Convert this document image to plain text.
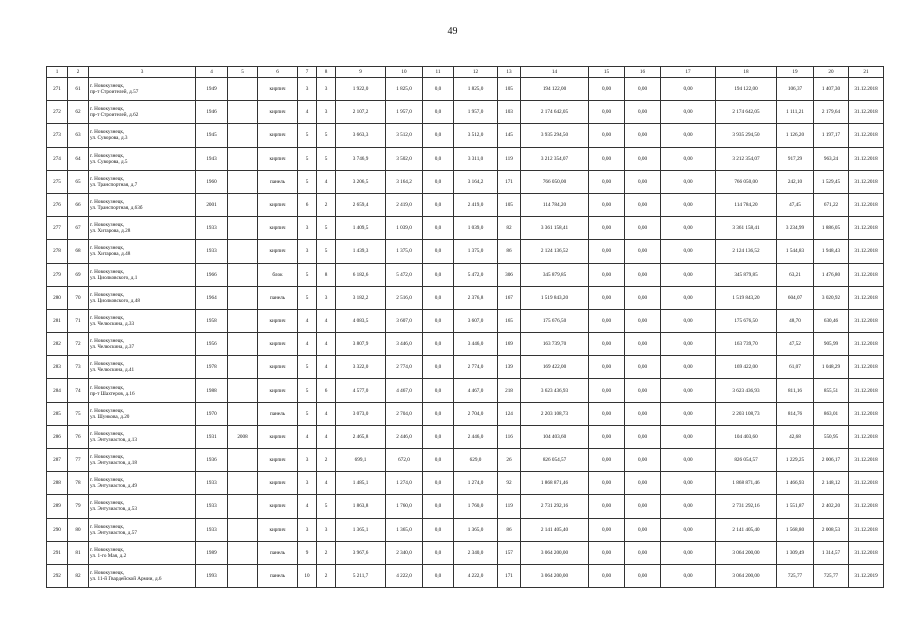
49
1	2	3	4	5	6	7	8	9	10	11	12	13	14	15	16	17	18	19	20	21
271	61	г. Новокузнецк,
пр-т Строителей, д.57	1949		кирпич	3	3	1 922,0	1 825,0	0,0	1 825,0	105	194 122,00	0,00	0,00	0,00	194 122,00	106,37	1 407,30	31.12.2018
272	62	г. Новокузнецк,
пр-т Строителей, д.62	1946		кирпич	4	3	2 107,2	1 957,0	0,0	1 957,0	103	2 174 642,05	0,00	0,00	0,00	2 174 642,05	1 111,21	2 179,64	31.12.2018
273	63	г. Новокузнецк,
ул. Суворова, д.3	1945		кирпич	5	5	3 663,3	3 512,0	0,0	3 512,0	145	3 935 294,50	0,00	0,00	0,00	3 935 294,50	1 126,20	1 197,17	31.12.2018
274	64	г. Новокузнецк,
ул. Суворова, д.5	1943		кирпич	5	5	3 746,9	3 502,0	0,0	3 311,0	119	3 212 354,07	0,00	0,00	0,00	3 212 354,07	917,29	963,24	31.12.2018
275	65	г. Новокузнецк,
ул. Транспортная, д.7	1960		панель	5	4	3 206,5	3 164,2	0,0	3 164,2	171	766 050,00	0,00	0,00	0,00	766 050,00	242,10	1 529,45	31.12.2018
276	66	г. Новокузнецк,
ул. Транспортная, д.63б	2001		кирпич	6	2	2 659,4	2 419,0	0,0	2 419,0	105	114 784,20	0,00	0,00	0,00	114 784,20	47,45	671,22	31.12.2018
277	67	г. Новокузнецк,
ул. Хитарова, д.28	1933		кирпич	3	5	1 409,5	1 039,0	0,0	1 039,0	82	3 361 158,41	0,00	0,00	0,00	3 361 158,41	3 234,99	1 886,05	31.12.2018
278	68	г. Новокузнецк,
ул. Хитарова, д.48	1933		кирпич	3	5	1 439,3	1 375,0	0,0	1 375,0	86	2 124 136,52	0,00	0,00	0,00	2 124 136,52	1 544,83	1 948,43	31.12.2018
279	69	г. Новокузнецк,
ул. Циолковского, д.1	1966		блок	5	8	6 182,6	5 472,0	0,0	5 472,0	306	345 879,85	0,00	0,00	0,00	345 879,85	63,21	1 476,80	31.12.2018
280	70	г. Новокузнецк,
ул. Циолковского, д.48	1964		панель	5	3	3 182,2	2 516,0	0,0	2 376,8	167	1 519 843,20	0,00	0,00	0,00	1 519 843,20	604,07	3 020,92	31.12.2018
281	71	г. Новокузнецк,
ул. Челюскина, д.33	1958		кирпич	4	4	4 083,5	3 607,0	0,0	3 607,0	165	175 676,50	0,00	0,00	0,00	175 676,50	48,70	630,46	31.12.2018
282	72	г. Новокузнецк,
ул. Челюскина, д.37	1956		кирпич	4	4	3 807,9	3 446,0	0,0	3 446,0	169	163 739,70	0,00	0,00	0,00	163 739,70	47,52	905,99	31.12.2018
283	73	г. Новокузнецк,
ул. Челюскина, д.41	1978		кирпич	5	4	3 322,0	2 774,0	0,0	2 774,0	139	169 422,00	0,00	0,00	0,00	169 422,00	61,07	1 048,29	31.12.2018
284	74	г. Новокузнецк,
пр-т Шахтеров, д.16	1988		кирпич	5	6	4 577,0	4 467,0	0,0	4 467,0	218	3 623 436,93	0,00	0,00	0,00	3 623 436,93	811,16	855,51	31.12.2018
285	75	г. Новокузнецк,
ул. Шункова, д.20	1970		панель	5	4	3 073,0	2 704,0	0,0	2 704,0	124	2 203 108,73	0,00	0,00	0,00	2 203 108,73	814,76	863,01	31.12.2018
286	76	г. Новокузнецк,
ул. Энтузиастов, д.13	1931	2008	кирпич	4	4	2 465,8	2 446,0	0,0	2 446,0	116	104 403,60	0,00	0,00	0,00	104 403,60	42,68	550,95	31.12.2018
287	77	г. Новокузнецк,
ул. Энтузиастов, д.18	1936		кирпич	3	2	699,1	672,0	0,0	629,0	26	826 054,57	0,00	0,00	0,00	826 054,57	1 229,25	2 006,17	31.12.2018
288	78	г. Новокузнецк,
ул. Энтузиастов, д.49	1933		кирпич	3	4	1 485,1	1 274,0	0,0	1 274,0	92	1 868 871,46	0,00	0,00	0,00	1 868 871,46	1 466,93	2 148,12	31.12.2018
289	79	г. Новокузнецк,
ул. Энтузиастов, д.53	1933		кирпич	4	5	1 863,8	1 760,0	0,0	1 760,0	119	2 731 292,16	0,00	0,00	0,00	2 731 292,16	1 551,87	2 402,20	31.12.2018
290	80	г. Новокузнецк,
ул. Энтузиастов, д.57	1933		кирпич	3	3	1 365,1	1 365,0	0,0	1 365,0	86	2 141 405,40	0,00	0,00	0,00	2 141 405,40	1 568,80	2 008,53	31.12.2018
291	81	г. Новокузнецк,
ул. 1-го Мая, д.2	1989		панель	9	2	3 967,6	2 340,0	0,0	2 340,0	157	3 064 200,00	0,00	0,00	0,00	3 064 200,00	1 309,49	1 314,57	31.12.2018
292	82	г. Новокузнецк,
ул. 11-й Гвардейской Армии, д.6	1993		панель	10	2	5 211,7	4 222,0	0,0	4 222,0	171	3 064 200,00	0,00	0,00	0,00	3 064 200,00	725,77	725,77	31.12.2019
